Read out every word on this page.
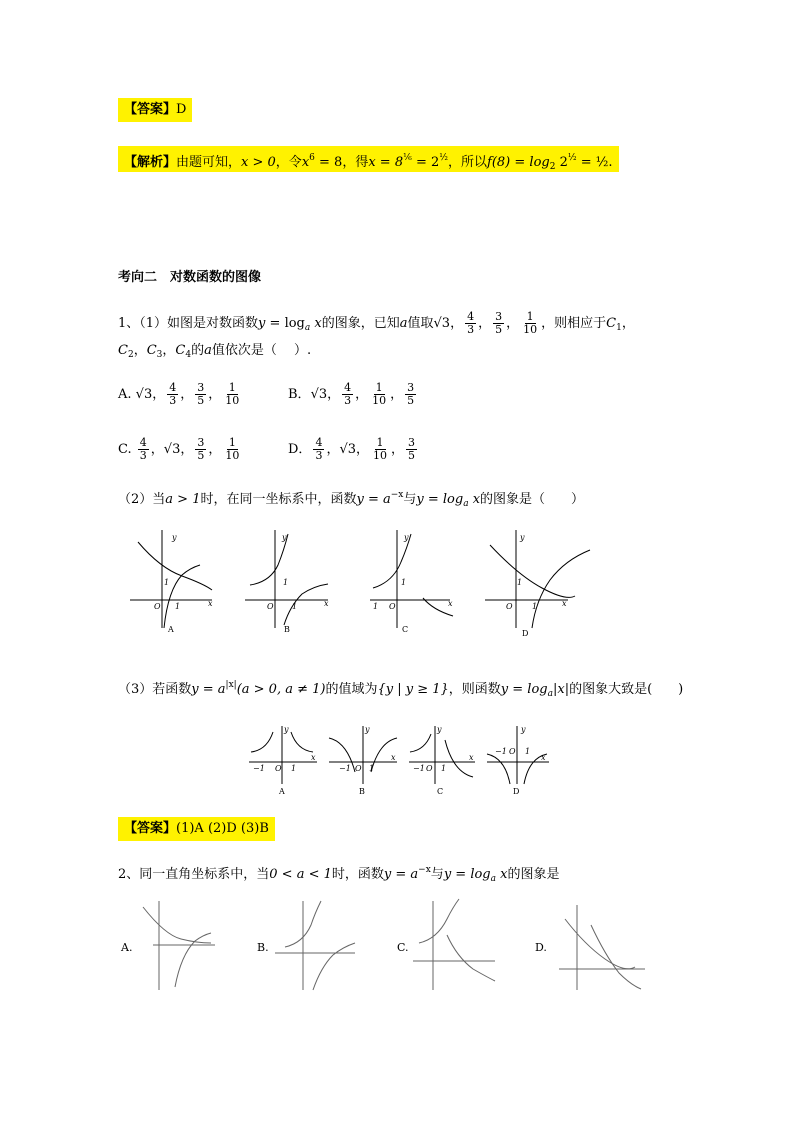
【答案】D
【解析】由题可知，x > 0，令$x^6 = 8$，得$x = 8^{\frac{1}{6}} = 2^{\frac{1}{2}}$，所以$f(8) = \log_2 2^{\frac{1}{2}}$ = ½.
考向二　对数函数的图像
1、（1）如图是对数函数$y = \log_a x$的图象，已知a值取√3， $\frac{4}{3}$ ， $\frac{3}{5}$ ， $\frac{1}{10}$ ，则相应于$C_1$，
$C_2$，$C_3$，$C_4$的a值依次是（　 ）.
A. √3， $\frac{4}{3}$ ， $\frac{3}{5}$ ， $\frac{1}{10}$	B．√3， $\frac{4}{3}$ ， $\frac{1}{10}$ ， $\frac{3}{5}$
C. $\frac{4}{3}$ ，√3， $\frac{3}{5}$ ， $\frac{1}{10}$	D． $\frac{4}{3}$ ，√3， $\frac{1}{10}$ ， $\frac{3}{5}$
（2）当a > 1时，在同一坐标系中，函数$y = a^{-x}$与$y = \log_a x$的图象是（　　）
y
x
O 1
1
y
x
O
1
1
y
x
O
1
1
y
x
O
1
1
A	B	C	D
（3）若函数$y = a^{|x|}(a > 0$, a ≠ 1)的值域为{y | y ≥ 1}，则函数$y = \log_a|x|$的图象大致是(　　)
−1 O 1
x
y
−1 O 1
x
y
−1 O 1
x
y
−1 O 1
x
y
A	B	C	D
【答案】(1)A (2)D (3)B
2、同一直角坐标系中，当0 < a < 1时，函数$y = a^{-x}$与$y = \log_a x$的图象是
A.	B.	C.	D.
